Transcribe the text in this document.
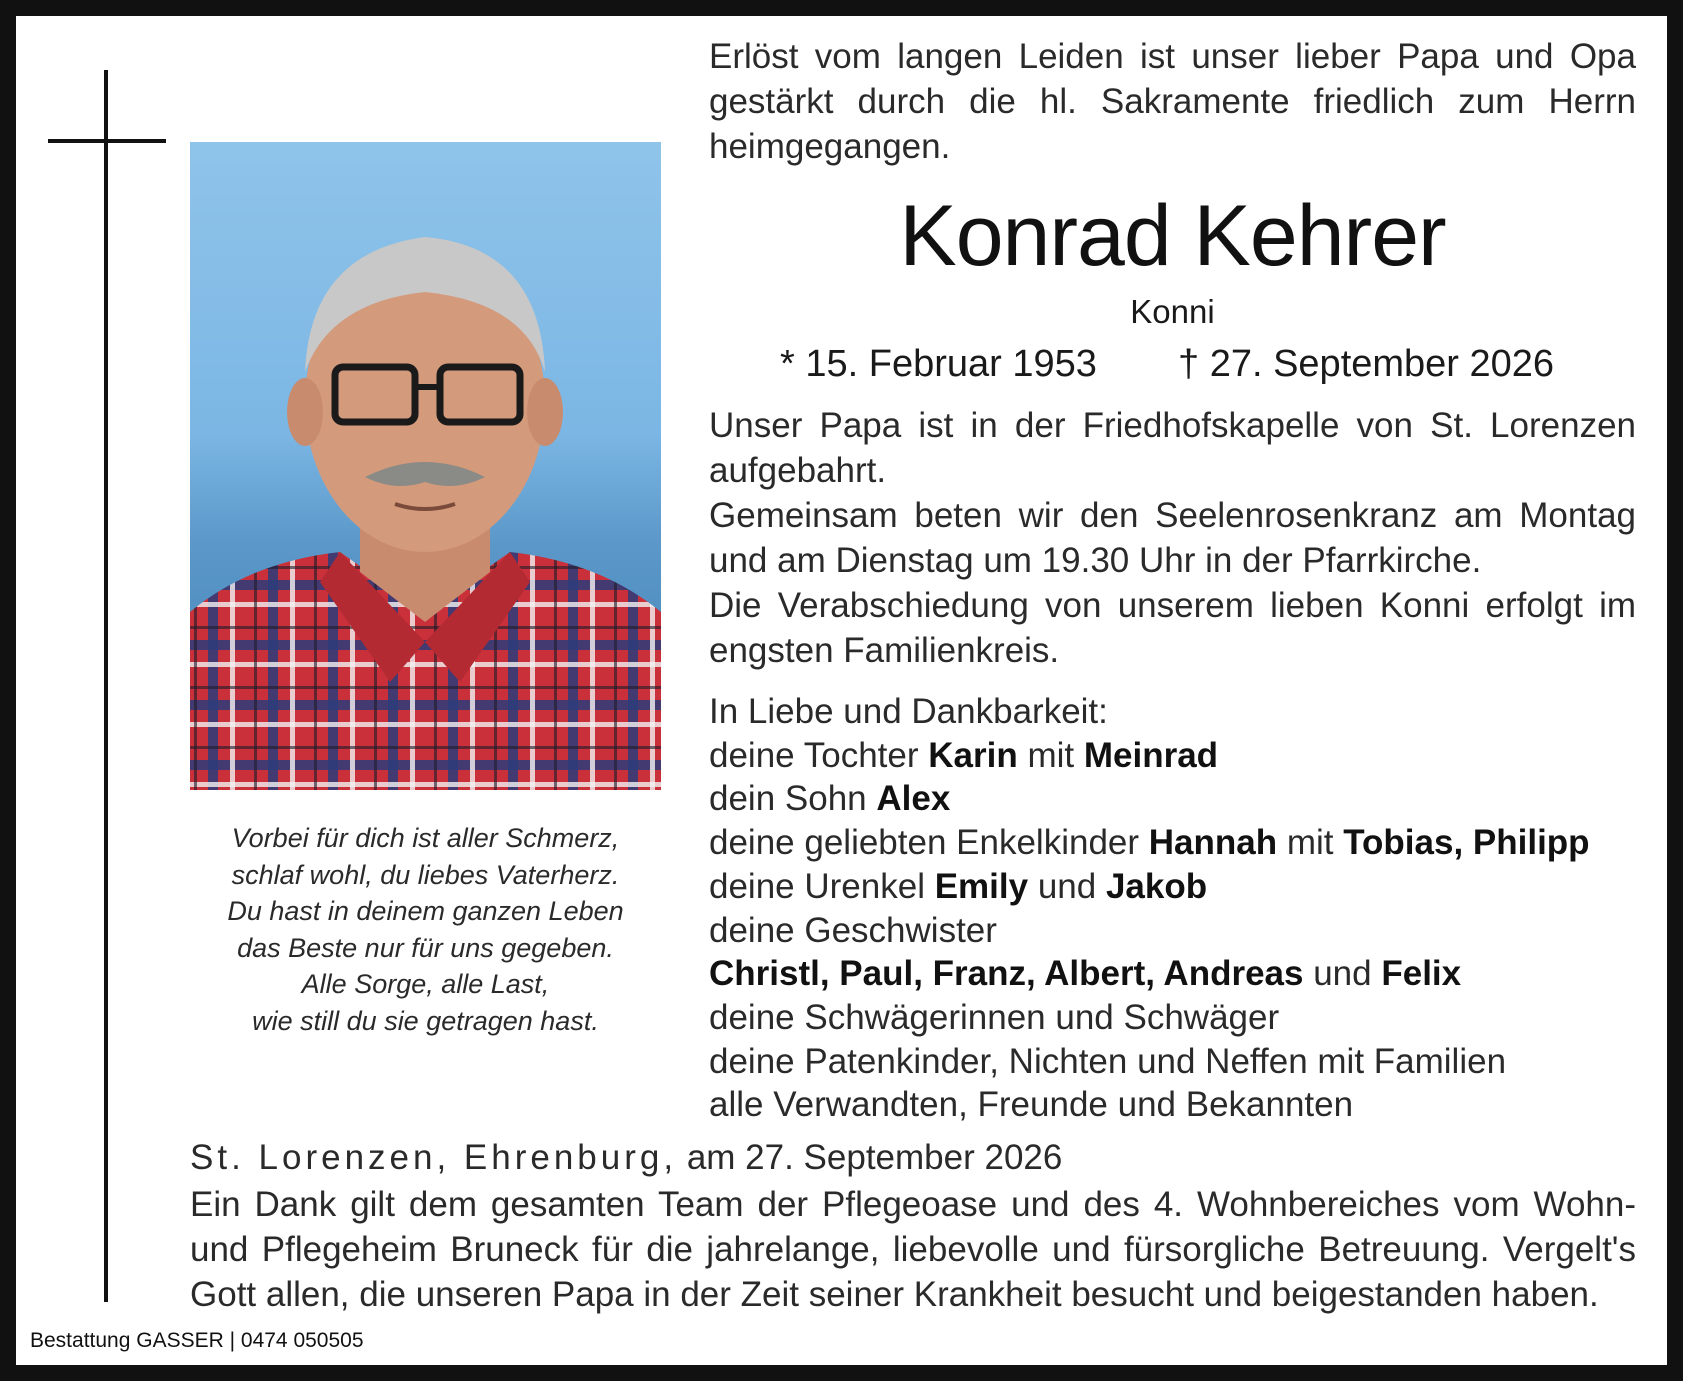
Vorbei für dich ist aller Schmerz,
schlaf wohl, du liebes Vaterherz.
Du hast in deinem ganzen Leben
das Beste nur für uns gegeben.
Alle Sorge, alle Last,
wie still du sie getragen hast.
Erlöst vom langen Leiden ist unser lieber Papa und Opa
gestärkt durch die hl. Sakramente friedlich zum Herrn
heimgegangen.
Konrad Kehrer
Konni
* 15. Februar 1953 † 27. September 2026
Unser Papa ist in der Friedhofskapelle von St. Lorenzen
aufgebahrt.
Gemeinsam beten wir den Seelenrosenkranz am Montag
und am Dienstag um 19.30 Uhr in der Pfarrkirche.
Die Verabschiedung von unserem lieben Konni erfolgt im
engsten Familienkreis.
In Liebe und Dankbarkeit:
deine Tochter Karin mit Meinrad
dein Sohn Alex
deine geliebten Enkelkinder Hannah mit Tobias, Philipp
deine Urenkel Emily und Jakob
deine Geschwister
Christl, Paul, Franz, Albert, Andreas und Felix
deine Schwägerinnen und Schwäger
deine Patenkinder, Nichten und Neffen mit Familien
alle Verwandten, Freunde und Bekannten
St. Lorenzen, Ehrenburg, am 27. September 2026
Ein Dank gilt dem gesamten Team der Pflegeoase und des 4. Wohnbereiches vom Wohn-
und Pflegeheim Bruneck für die jahrelange, liebevolle und fürsorgliche Betreuung. Vergelt's
Gott allen, die unseren Papa in der Zeit seiner Krankheit besucht und beigestanden haben.
Bestattung GASSER | 0474 050505
